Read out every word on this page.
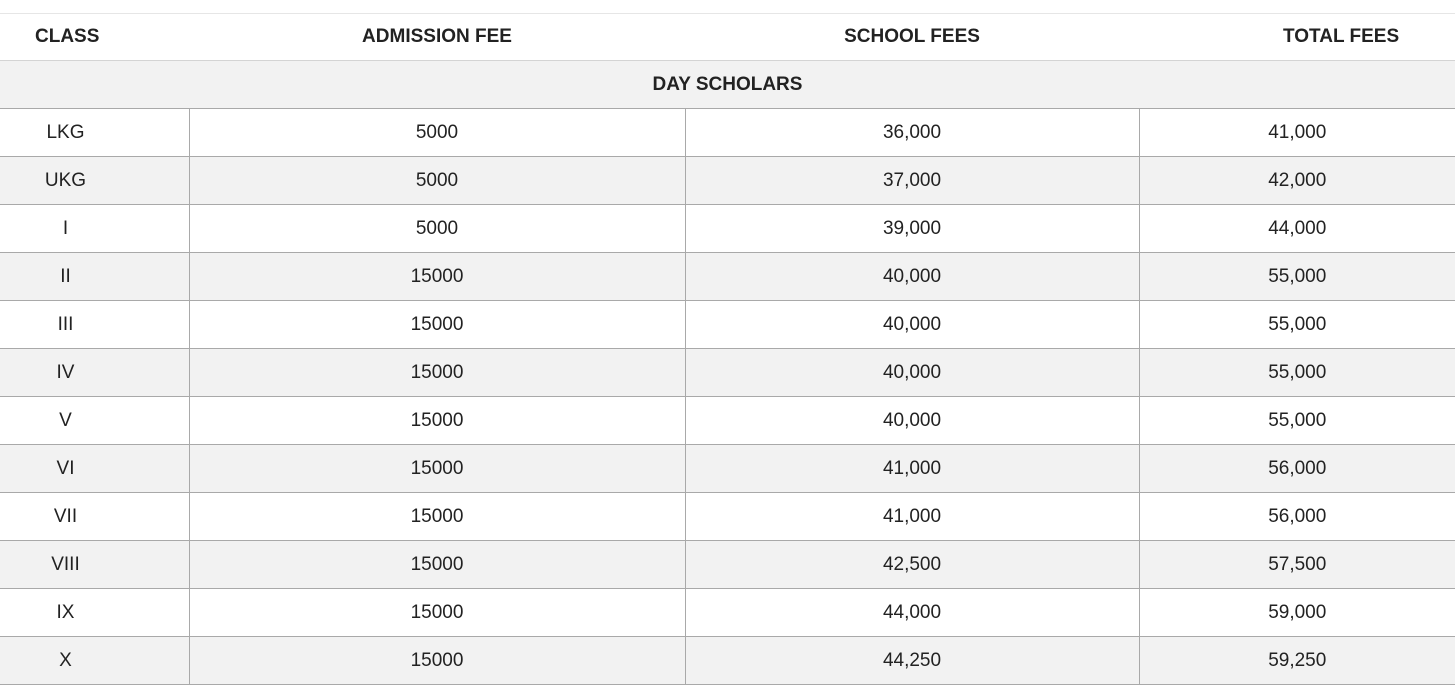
CLASS	ADMISSION FEE	SCHOOL FEES	TOTAL FEES
DAY SCHOLARS			
LKG	5000	36,000	41,000
UKG	5000	37,000	42,000
I	5000	39,000	44,000
II	15000	40,000	55,000
III	15000	40,000	55,000
IV	15000	40,000	55,000
V	15000	40,000	55,000
VI	15000	41,000	56,000
VII	15000	41,000	56,000
VIII	15000	42,500	57,500
IX	15000	44,000	59,000
X	15000	44,250	59,250
